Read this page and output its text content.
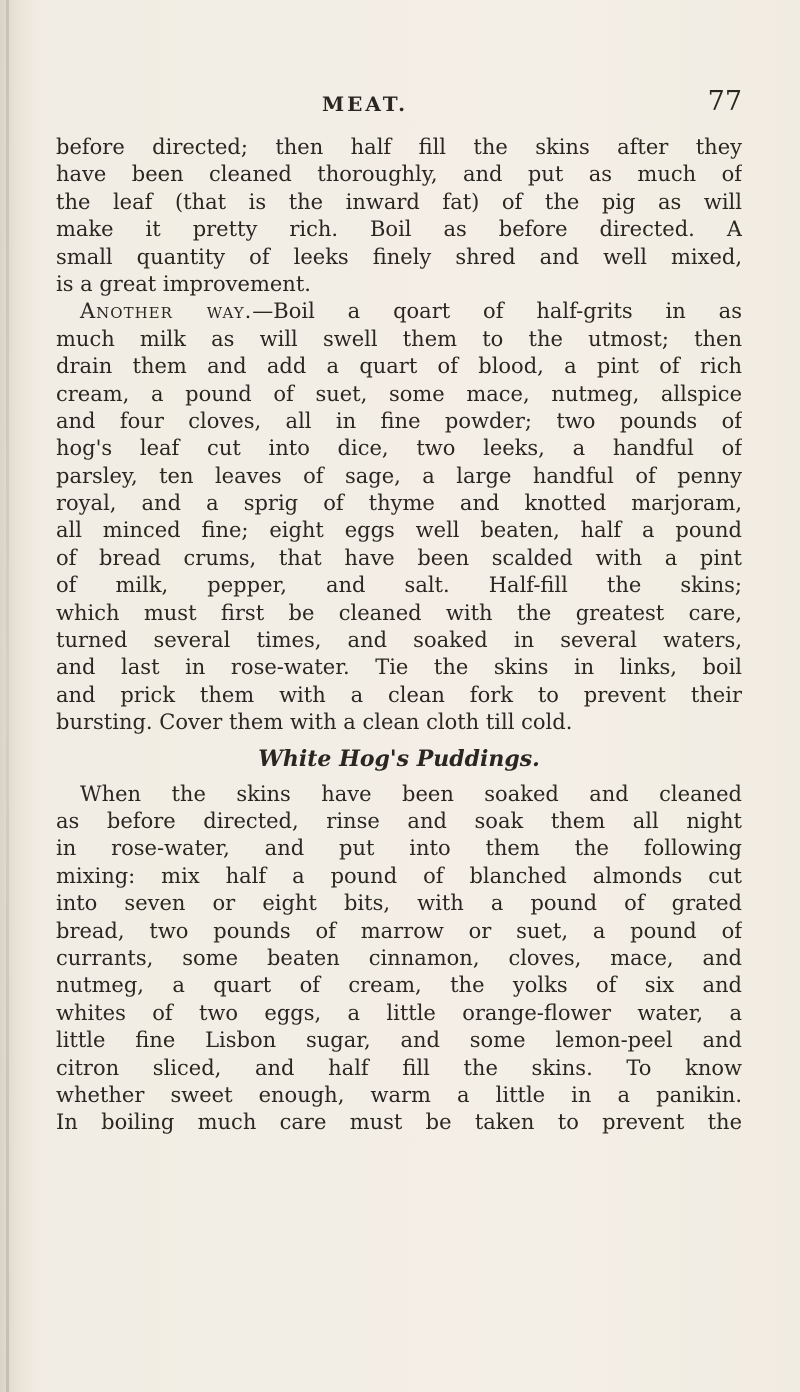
MEAT.	77
before directed; then half fill the skins after they
have been cleaned thoroughly, and put as much of
the leaf (that is the inward fat) of the pig as will
make it pretty rich. Boil as before directed. A
small quantity of leeks finely shred and well mixed,
is a great improvement.
Another way.—Boil a qoart of half-grits in as
much milk as will swell them to the utmost; then
drain them and add a quart of blood, a pint of rich
cream, a pound of suet, some mace, nutmeg, allspice
and four cloves, all in fine powder; two pounds of
hog's leaf cut into dice, two leeks, a handful of
parsley, ten leaves of sage, a large handful of penny
royal, and a sprig of thyme and knotted marjoram,
all minced fine; eight eggs well beaten, half a pound
of bread crums, that have been scalded with a pint
of milk, pepper, and salt. Half-fill the skins;
which must first be cleaned with the greatest care,
turned several times, and soaked in several waters,
and last in rose-water. Tie the skins in links, boil
and prick them with a clean fork to prevent their
bursting. Cover them with a clean cloth till cold.
White Hog's Puddings.
When the skins have been soaked and cleaned
as before directed, rinse and soak them all night
in rose-water, and put into them the following
mixing: mix half a pound of blanched almonds cut
into seven or eight bits, with a pound of grated
bread, two pounds of marrow or suet, a pound of
currants, some beaten cinnamon, cloves, mace, and
nutmeg, a quart of cream, the yolks of six and
whites of two eggs, a little orange-flower water, a
little fine Lisbon sugar, and some lemon-peel and
citron sliced, and half fill the skins. To know
whether sweet enough, warm a little in a panikin.
In boiling much care must be taken to prevent the
